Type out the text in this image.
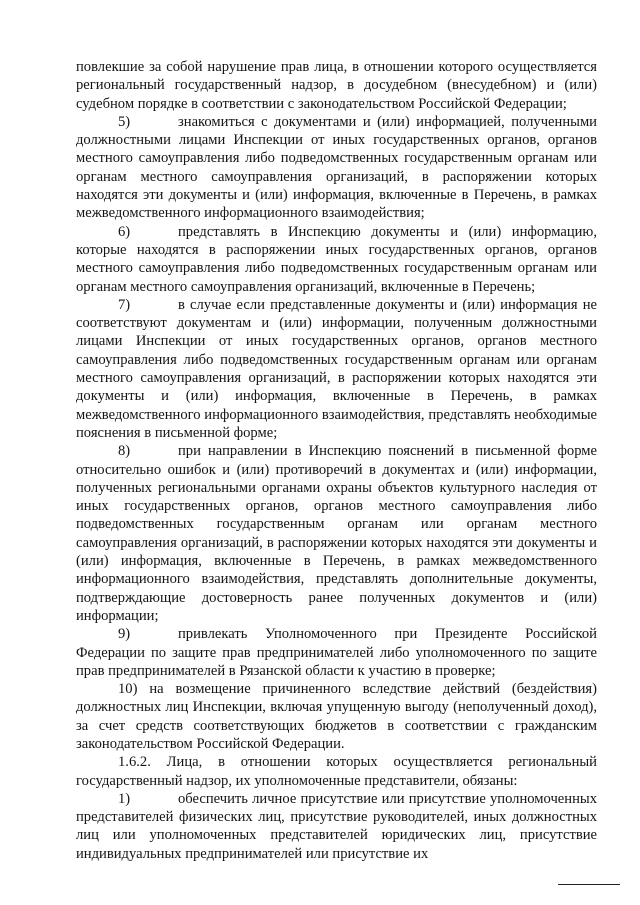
повлекшие за собой нарушение прав лица, в отношении которого осуществляется региональный государственный надзор, в досудебном (внесудебном) и (или) судебном порядке в соответствии с законодательством Российской Федерации;

5)	знакомиться с документами и (или) информацией, полученными должностными лицами Инспекции от иных государственных органов, органов местного самоуправления либо подведомственных государственным органам или органам местного самоуправления организаций, в распоряжении которых находятся эти документы и (или) информация, включенные в Перечень, в рамках межведомственного информационного взаимодействия;

6)	представлять в Инспекцию документы и (или) информацию, которые находятся в распоряжении иных государственных органов, органов местного самоуправления либо подведомственных государственным органам или органам местного самоуправления организаций, включенные в Перечень;

7)	в случае если представленные документы и (или) информация не соответствуют документам и (или) информации, полученным должностными лицами Инспекции от иных государственных органов, органов местного самоуправления либо подведомственных государственным органам или органам местного самоуправления организаций, в распоряжении которых находятся эти документы и (или) информация, включенные в Перечень, в рамках межведомственного информационного взаимодействия, представлять необходимые пояснения в письменной форме;

8)	при направлении в Инспекцию пояснений в письменной форме относительно ошибок и (или) противоречий в документах и (или) информации, полученных региональными органами охраны объектов культурного наследия от иных государственных органов, органов местного самоуправления либо подведомственных государственным органам или органам местного самоуправления организаций, в распоряжении которых находятся эти документы и (или) информация, включенные в Перечень, в рамках межведомственного информационного взаимодействия, представлять дополнительные документы, подтверждающие достоверность ранее полученных документов и (или) информации;

9)	привлекать Уполномоченного при Президенте Российской Федерации по защите прав предпринимателей либо уполномоченного по защите прав предпринимателей в Рязанской области к участию в проверке;

10) на возмещение причиненного вследствие действий (бездействия) должностных лиц Инспекции, включая упущенную выгоду (неполученный доход), за счет средств соответствующих бюджетов в соответствии с гражданским законодательством Российской Федерации.

1.6.2. Лица, в отношении которых осуществляется региональный государственный надзор, их уполномоченные представители, обязаны:

1)	обеспечить личное присутствие или присутствие уполномоченных представителей физических лиц, присутствие руководителей, иных должностных лиц или уполномоченных представителей юридических лиц, присутствие индивидуальных предпринимателей или присутствие их
